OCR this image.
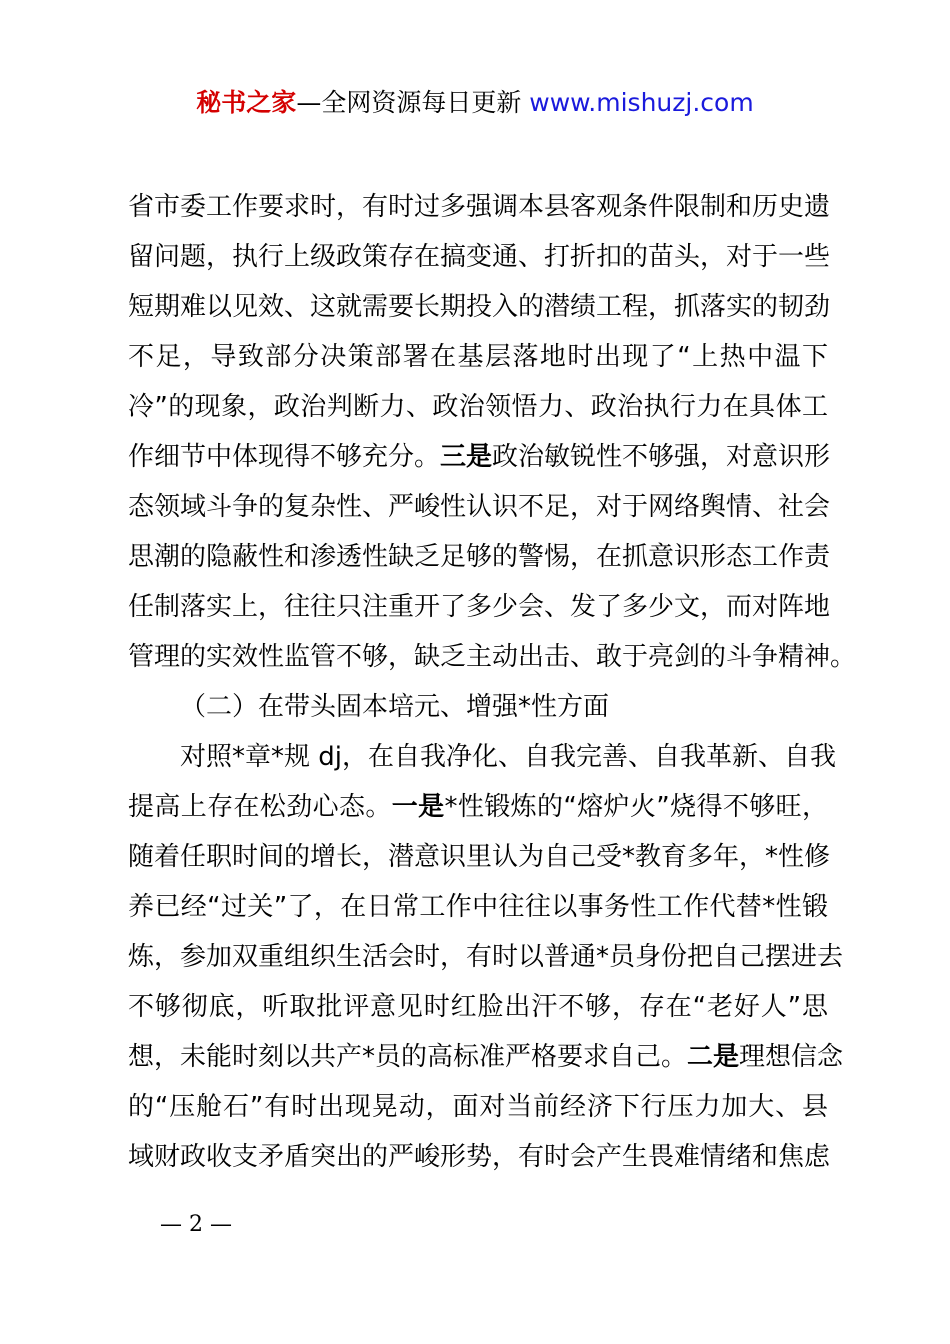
秘书之家—全网资源每日更新 www.mishuzj.com
省市委工作要求时，有时过多强调本县客观条件限制和历史遗
留问题，执行上级政策存在搞变通、打折扣的苗头，对于一些
短期难以见效、这就需要长期投入的潜绩工程，抓落实的韧劲
不足，导致部分决策部署在基层落地时出现了“上热中温下
冷”的现象，政治判断力、政治领悟力、政治执行力在具体工
作细节中体现得不够充分。三是政治敏锐性不够强，对意识形
态领域斗争的复杂性、严峻性认识不足，对于网络舆情、社会
思潮的隐蔽性和渗透性缺乏足够的警惕，在抓意识形态工作责
任制落实上，往往只注重开了多少会、发了多少文，而对阵地
管理的实效性监管不够，缺乏主动出击、敢于亮剑的斗争精神。
（二）在带头固本培元、增强*性方面
对照*章*规 dj，在自我净化、自我完善、自我革新、自我
提高上存在松劲心态。一是*性锻炼的“熔炉火”烧得不够旺，
随着任职时间的增长，潜意识里认为自己受*教育多年，*性修
养已经“过关”了，在日常工作中往往以事务性工作代替*性锻
炼，参加双重组织生活会时，有时以普通*员身份把自己摆进去
不够彻底，听取批评意见时红脸出汗不够，存在“老好人”思
想，未能时刻以共产*员的高标准严格要求自己。二是理想信念
的“压舱石”有时出现晃动，面对当前经济下行压力加大、县
域财政收支矛盾突出的严峻形势，有时会产生畏难情绪和焦虑
— 2 —
